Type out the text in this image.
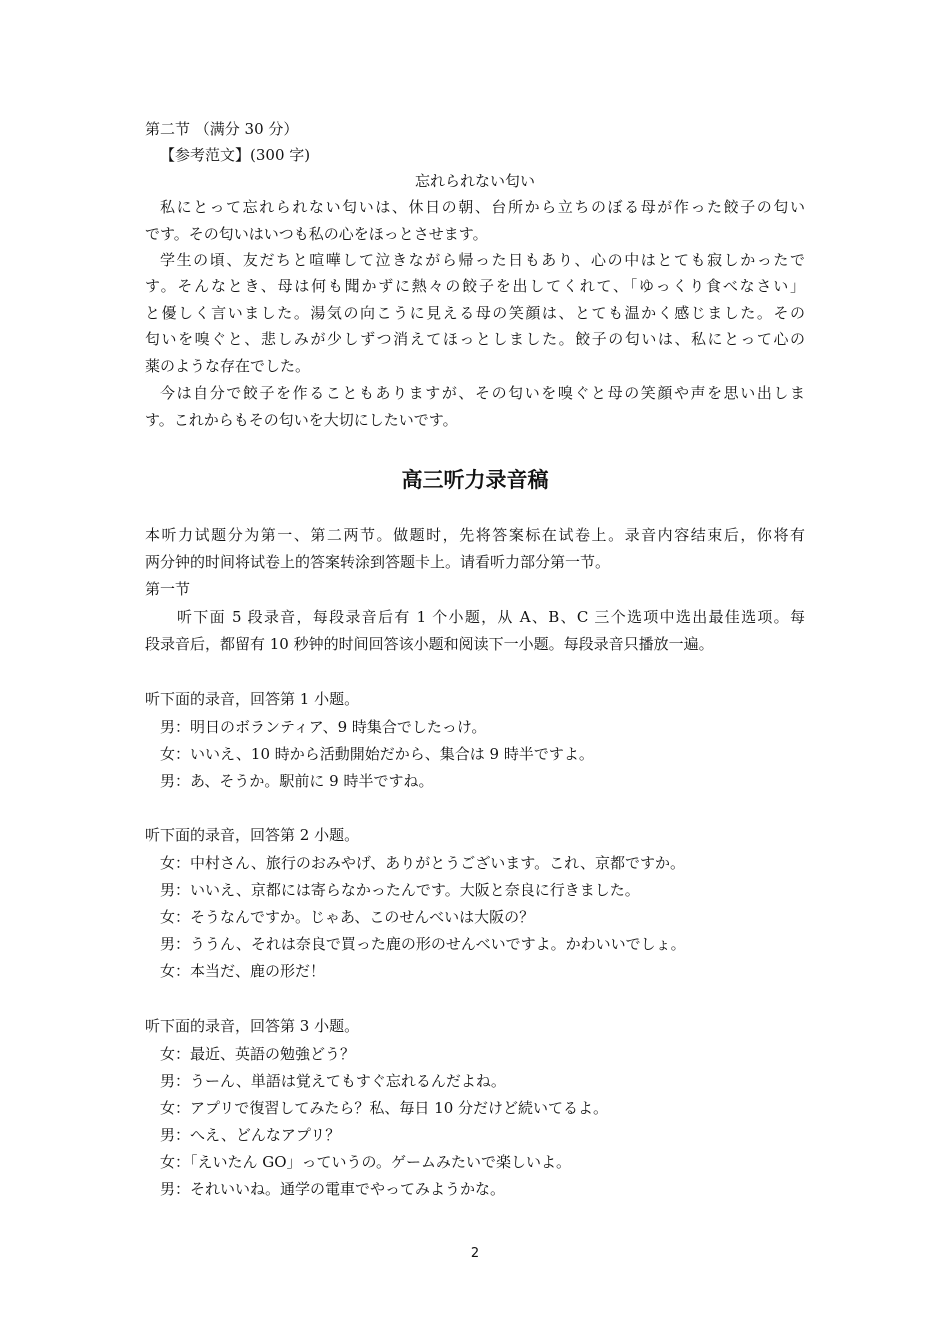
第二节 （满分 30 分）
【参考范文】(300 字)
忘れられない匂い
私にとって忘れられない匂いは、休日の朝、台所から立ちのぼる母が作った餃子の匂い
です。その匂いはいつも私の心をほっとさせます。
学生の頃、友だちと喧嘩して泣きながら帰った日もあり、心の中はとても寂しかったで
す。そんなとき、母は何も聞かずに熱々の餃子を出してくれて、「ゆっくり食べなさい」
と優しく言いました。湯気の向こうに見える母の笑顔は、とても温かく感じました。その
匂いを嗅ぐと、悲しみが少しずつ消えてほっとしました。餃子の匂いは、私にとって心の
薬のような存在でした。
今は自分で餃子を作ることもありますが、その匂いを嗅ぐと母の笑顔や声を思い出しま
す。これからもその匂いを大切にしたいです。
高三听力录音稿
本听力试题分为第一、第二两节。做题时，先将答案标在试卷上。录音内容结束后，你将有
两分钟的时间将试卷上的答案转涂到答题卡上。请看听力部分第一节。
第一节
听下面 5 段录音，每段录音后有 1 个小题，从 A、B、C 三个选项中选出最佳选项。每
段录音后，都留有 10 秒钟的时间回答该小题和阅读下一小题。每段录音只播放一遍。
听下面的录音，回答第 1 小题。
男：明日のボランティア、9 時集合でしたっけ。
女：いいえ、10 時から活動開始だから、集合は 9 時半ですよ。
男：あ、そうか。駅前に 9 時半ですね。
听下面的录音，回答第 2 小题。
女：中村さん、旅行のおみやげ、ありがとうございます。これ、京都ですか。
男：いいえ、京都には寄らなかったんです。大阪と奈良に行きました。
女：そうなんですか。じゃあ、このせんべいは大阪の？
男：ううん、それは奈良で買った鹿の形のせんべいですよ。かわいいでしょ。
女：本当だ、鹿の形だ！
听下面的录音，回答第 3 小题。
女：最近、英語の勉強どう？
男：うーん、単語は覚えてもすぐ忘れるんだよね。
女：アプリで復習してみたら？私、毎日 10 分だけど続いてるよ。
男：へえ、どんなアプリ？
女：「えいたん GO」っていうの。ゲームみたいで楽しいよ。
男：それいいね。通学の電車でやってみようかな。
2
